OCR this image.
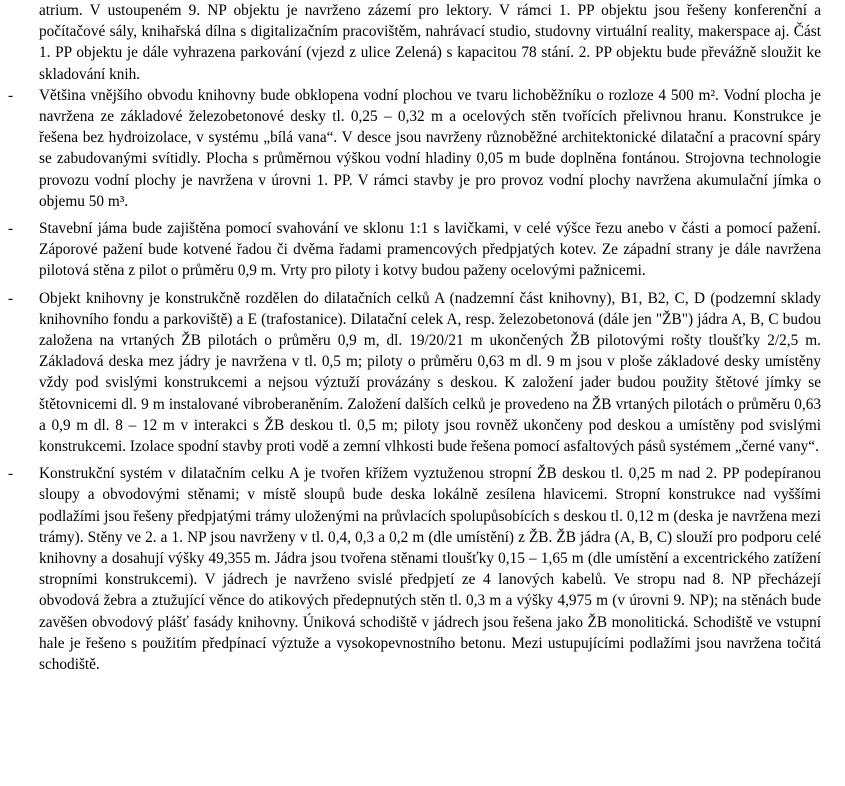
atrium. V ustoupeném 9. NP objektu je navrženo zázemí pro lektory. V rámci 1. PP objektu jsou řešeny konferenční a počítačové sály, knihařská dílna s digitalizačním pracovištěm, nahrávací studio, studovny virtuální reality, makerspace aj. Část 1. PP objektu je dále vyhrazena parkování (vjezd z ulice Zelená) s kapacitou 78 stání. 2. PP objektu bude převážně sloužit ke skladování knih.

- Většina vnějšího obvodu knihovny bude obklopena vodní plochou ve tvaru lichoběžníku o rozloze 4 500 m². Vodní plocha je navržena ze základové železobetonové desky tl. 0,25 – 0,32 m a ocelových stěn tvořících přelivnou hranu. Konstrukce je řešena bez hydroizolace, v systému „bílá vana“. V desce jsou navrženy různoběžné architektonické dilatační a pracovní spáry se zabudovanými svítidly. Plocha s průměrnou výškou vodní hladiny 0,05 m bude doplněna fontánou. Strojovna technologie provozu vodní plochy je navržena v úrovni 1. PP. V rámci stavby je pro provoz vodní plochy navržena akumulační jímka o objemu 50 m³.
- Stavební jáma bude zajištěna pomocí svahování ve sklonu 1:1 s lavičkami, v celé výšce řezu anebo v části a pomocí pažení. Záporové pažení bude kotvené řadou či dvěma řadami pramencových předpjatých kotev. Ze západní strany je dále navržena pilotová stěna z pilot o průměru 0,9 m. Vrty pro piloty i kotvy budou paženy ocelovými pažnicemi.
- Objekt knihovny je konstrukčně rozdělen do dilatačních celků A (nadzemní část knihovny), B1, B2, C, D (podzemní sklady knihovního fondu a parkoviště) a E (trafostanice). Dilatační celek A, resp. železobetonová (dále jen "ŽB") jádra A, B, C budou založena na vrtaných ŽB pilotách o průměru 0,9 m, dl. 19/20/21 m ukončených ŽB pilotovými rošty tloušťky 2/2,5 m. Základová deska mez jádry je navržena v tl. 0,5 m; piloty o průměru 0,63 m dl. 9 m jsou v ploše základové desky umístěny vždy pod svislými konstrukcemi a nejsou výztuží provázány s deskou. K založení jader budou použity štětové jímky se štětovnicemi dl. 9 m instalované vibroberaněním. Založení dalších celků je provedeno na ŽB vrtaných pilotách o průměru 0,63 a 0,9 m dl. 8 – 12 m v interakci s ŽB deskou tl. 0,5 m; piloty jsou rovněž ukončeny pod deskou a umístěny pod svislými konstrukcemi. Izolace spodní stavby proti vodě a zemní vlhkosti bude řešena pomocí asfaltových pásů systémem „černé vany“.
- Konstrukční systém v dilatačním celku A je tvořen křížem vyztuženou stropní ŽB deskou tl. 0,25 m nad 2. PP podepíranou sloupy a obvodovými stěnami; v místě sloupů bude deska lokálně zesílena hlavicemi. Stropní konstrukce nad vyššími podlažími jsou řešeny předpjatými trámy uloženými na průvlacích spolupůsobících s deskou tl. 0,12 m (deska je navržena mezi trámy). Stěny ve 2. a 1. NP jsou navrženy v tl. 0,4, 0,3 a 0,2 m (dle umístění) z ŽB. ŽB jádra (A, B, C) slouží pro podporu celé knihovny a dosahují výšky 49,355 m. Jádra jsou tvořena stěnami tloušťky 0,15 – 1,65 m (dle umístění a excentrického zatížení stropními konstrukcemi). V jádrech je navrženo svislé předpjetí ze 4 lanových kabelů. Ve stropu nad 8. NP přecházejí obvodová žebra a ztužující věnce do atikových předepnutých stěn tl. 0,3 m a výšky 4,975 m (v úrovni 9. NP); na stěnách bude zavěšen obvodový plášť fasády knihovny. Úniková schodiště v jádrech jsou řešena jako ŽB monolitická. Schodiště ve vstupní hale je řešeno s použitím předpínací výztuže a vysokopevnostního betonu. Mezi ustupujícími podlažími jsou navržena točitá schodiště.
